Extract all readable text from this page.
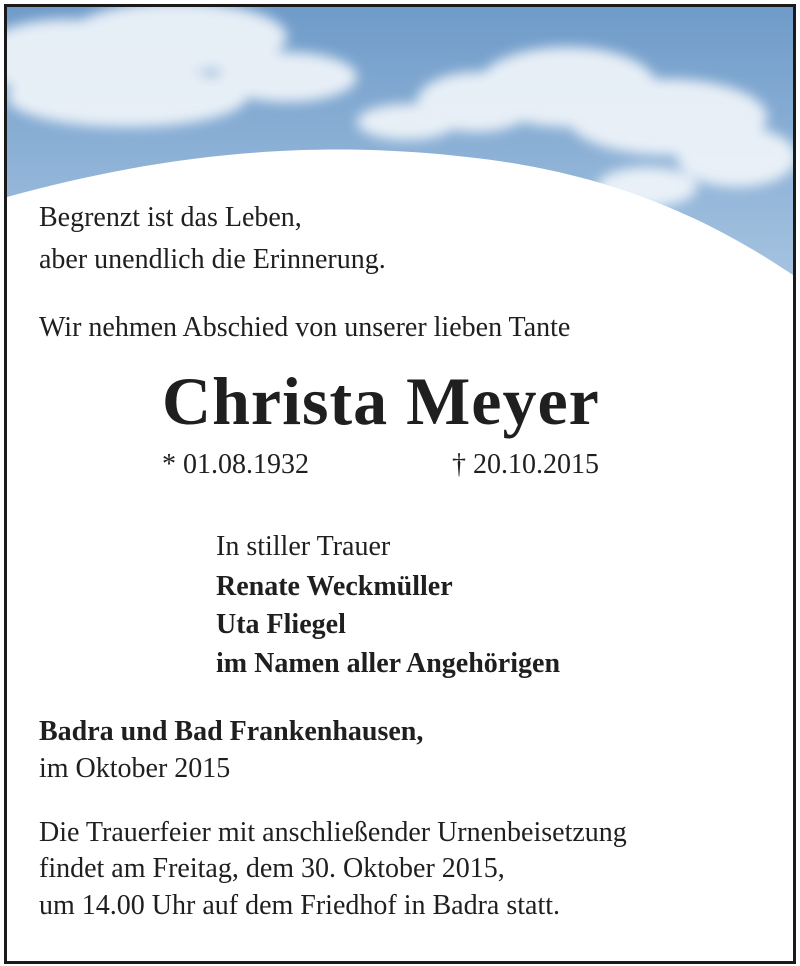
Begrenzt ist das Leben,

aber unendlich die Erinnerung.

Wir nehmen Abschied von unserer lieben Tante

Christa Meyer

* 01.08.1932	† 20.10.2015

In stiller Trauer

Renate Weckmüller

Uta Fliegel

im Namen aller Angehörigen

Badra und Bad Frankenhausen,

im Oktober 2015

Die Trauerfeier mit anschließender Urnenbeisetzung

findet am Freitag, dem 30. Oktober 2015,

um 14.00 Uhr auf dem Friedhof in Badra statt.
